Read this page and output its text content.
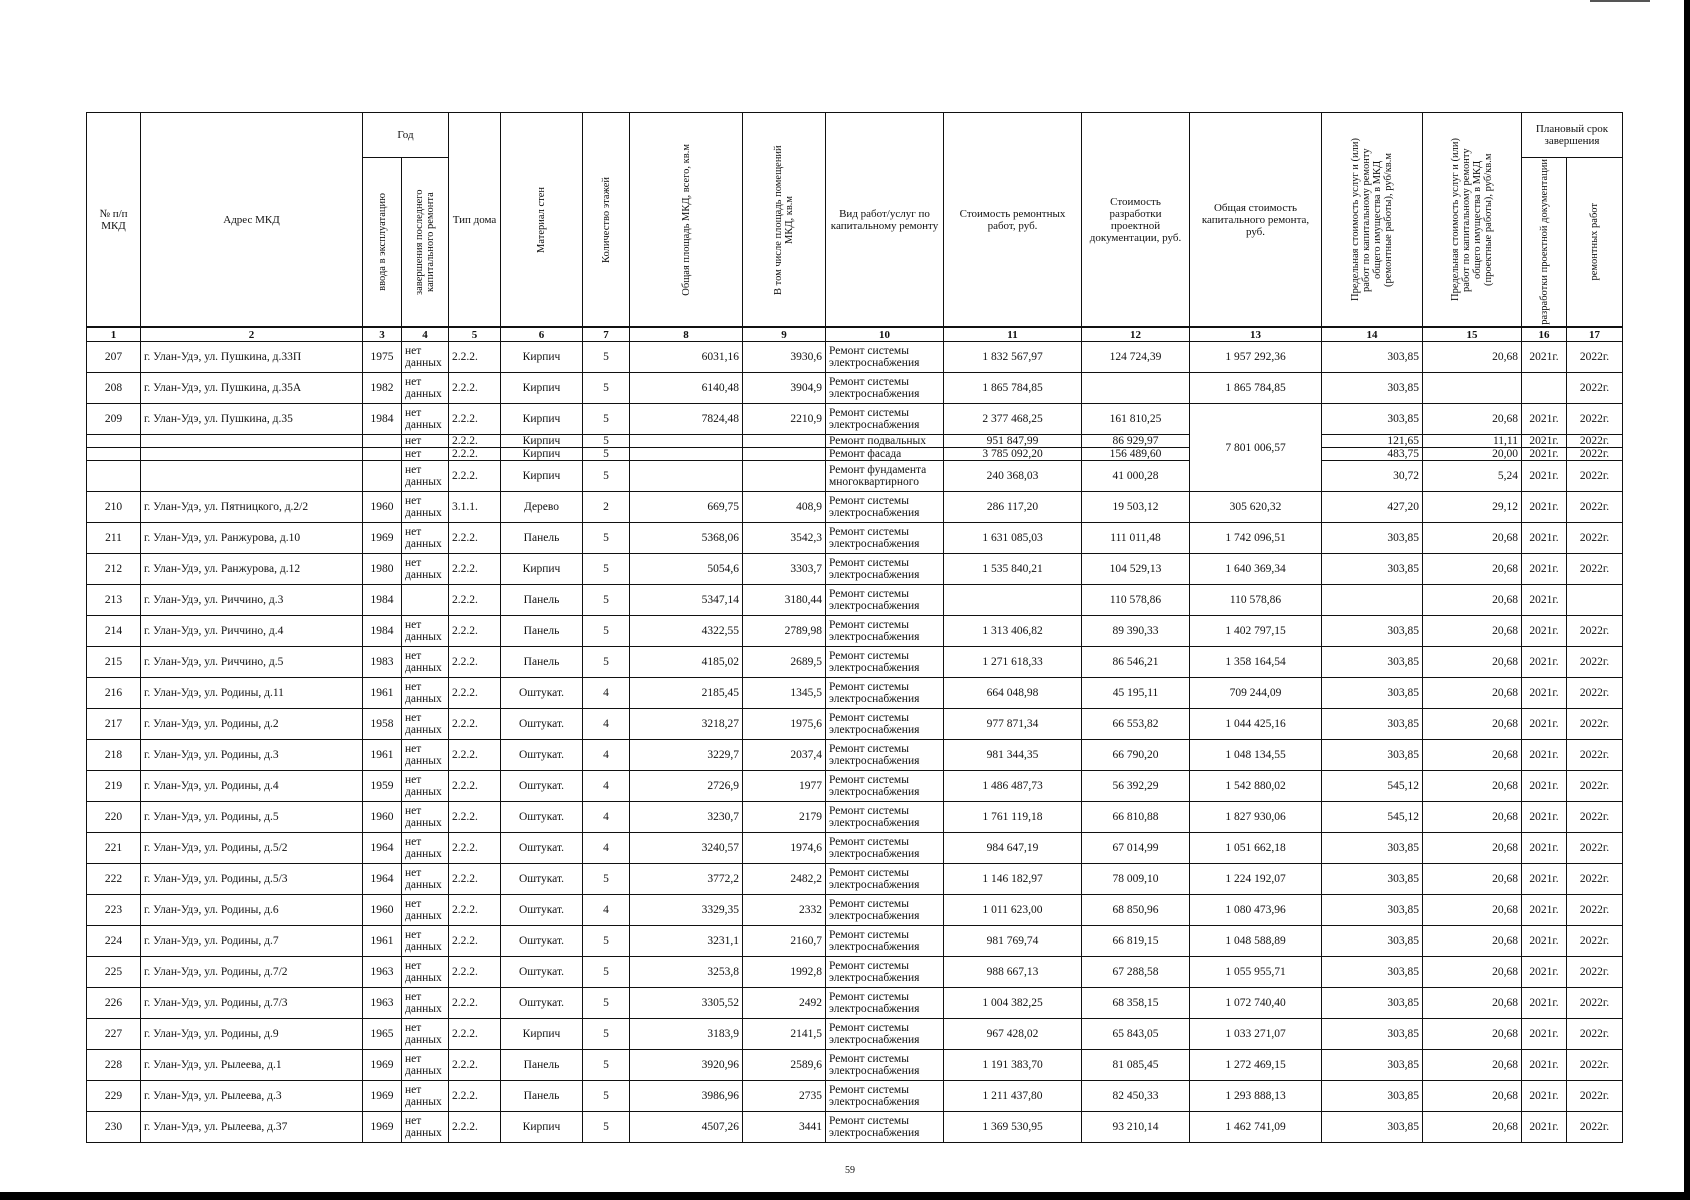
№ п/п МКД	Адрес МКД	Год		Тип дома	Материал стен	Количество этажей	Общая площадь МКД, всего, кв.м	В том числе площадь помещений МКД, кв.м	Вид работ/услуг по капитальному ремонту	Стоимость ремонтных работ, руб.	Стоимость разработки проектной документации, руб.	Общая стоимость капитального ремонта, руб.	Предельная стоимость услуг и (или) работ по капитальному ремонту общего имущества в МКД (ремонтные работы), руб/кв.м	Предельная стоимость услуг и (или) работ по капитальному ремонту общего имущества в МКД (проектные работы), руб/кв.м	Плановый срок завершения	

		ввода в эксплуатацию	завершения последнего капитального ремонта												разработки проектной документации	ремонтных работ

1	2	3	4	5	6	7	8	9	10	11	12	13	14	15	16	17
207	г. Улан-Удэ, ул. Пушкина, д.33П	1975	нет данных	2.2.2.	Кирпич	5	6031,16	3930,6	Ремонт системы электроснабжения	1 832 567,97	124 724,39	1 957 292,36	303,85	20,68	2021г.	2022г.
208	г. Улан-Удэ, ул. Пушкина, д.35А	1982	нет данных	2.2.2.	Кирпич	5	6140,48	3904,9	Ремонт системы электроснабжения	1 865 784,85		1 865 784,85	303,85			2022г.
209	г. Улан-Удэ, ул. Пушкина, д.35	1984	нет данных	2.2.2.	Кирпич	5	7824,48	2210,9	Ремонт системы электроснабжения	2 377 468,25	161 810,25	7 801 006,57	303,85	20,68	2021г.	2022г.
			нет	2.2.2.	Кирпич	5			Ремонт подвальных	951 847,99	86 929,97		121,65	11,11	2021г.	2022г.
			нет	2.2.2.	Кирпич	5			Ремонт фасада	3 785 092,20	156 489,60		483,75	20,00	2021г.	2022г.
			нет данных	2.2.2.	Кирпич	5			Ремонт фундамента многоквартирного	240 368,03	41 000,28		30,72	5,24	2021г.	2022г.
210	г. Улан-Удэ, ул. Пятницкого, д.2/2	1960	нет данных	3.1.1.	Дерево	2	669,75	408,9	Ремонт системы электроснабжения	286 117,20	19 503,12	305 620,32	427,20	29,12	2021г.	2022г.
211	г. Улан-Удэ, ул. Ранжурова, д.10	1969	нет данных	2.2.2.	Панель	5	5368,06	3542,3	Ремонт системы электроснабжения	1 631 085,03	111 011,48	1 742 096,51	303,85	20,68	2021г.	2022г.
212	г. Улан-Удэ, ул. Ранжурова, д.12	1980	нет данных	2.2.2.	Кирпич	5	5054,6	3303,7	Ремонт системы электроснабжения	1 535 840,21	104 529,13	1 640 369,34	303,85	20,68	2021г.	2022г.
213	г. Улан-Удэ, ул. Риччино, д.3	1984		2.2.2.	Панель	5	5347,14	3180,44	Ремонт системы электроснабжения		110 578,86	110 578,86		20,68	2021г.	
214	г. Улан-Удэ, ул. Риччино, д.4	1984	нет данных	2.2.2.	Панель	5	4322,55	2789,98	Ремонт системы электроснабжения	1 313 406,82	89 390,33	1 402 797,15	303,85	20,68	2021г.	2022г.
215	г. Улан-Удэ, ул. Риччино, д.5	1983	нет данных	2.2.2.	Панель	5	4185,02	2689,5	Ремонт системы электроснабжения	1 271 618,33	86 546,21	1 358 164,54	303,85	20,68	2021г.	2022г.
216	г. Улан-Удэ, ул. Родины, д.11	1961	нет данных	2.2.2.	Оштукат.	4	2185,45	1345,5	Ремонт системы электроснабжения	664 048,98	45 195,11	709 244,09	303,85	20,68	2021г.	2022г.
217	г. Улан-Удэ, ул. Родины, д.2	1958	нет данных	2.2.2.	Оштукат.	4	3218,27	1975,6	Ремонт системы электроснабжения	977 871,34	66 553,82	1 044 425,16	303,85	20,68	2021г.	2022г.
218	г. Улан-Удэ, ул. Родины, д.3	1961	нет данных	2.2.2.	Оштукат.	4	3229,7	2037,4	Ремонт системы электроснабжения	981 344,35	66 790,20	1 048 134,55	303,85	20,68	2021г.	2022г.
219	г. Улан-Удэ, ул. Родины, д.4	1959	нет данных	2.2.2.	Оштукат.	4	2726,9	1977	Ремонт системы электроснабжения	1 486 487,73	56 392,29	1 542 880,02	545,12	20,68	2021г.	2022г.
220	г. Улан-Удэ, ул. Родины, д.5	1960	нет данных	2.2.2.	Оштукат.	4	3230,7	2179	Ремонт системы электроснабжения	1 761 119,18	66 810,88	1 827 930,06	545,12	20,68	2021г.	2022г.
221	г. Улан-Удэ, ул. Родины, д.5/2	1964	нет данных	2.2.2.	Оштукат.	4	3240,57	1974,6	Ремонт системы электроснабжения	984 647,19	67 014,99	1 051 662,18	303,85	20,68	2021г.	2022г.
222	г. Улан-Удэ, ул. Родины, д.5/3	1964	нет данных	2.2.2.	Оштукат.	5	3772,2	2482,2	Ремонт системы электроснабжения	1 146 182,97	78 009,10	1 224 192,07	303,85	20,68	2021г.	2022г.
223	г. Улан-Удэ, ул. Родины, д.6	1960	нет данных	2.2.2.	Оштукат.	4	3329,35	2332	Ремонт системы электроснабжения	1 011 623,00	68 850,96	1 080 473,96	303,85	20,68	2021г.	2022г.
224	г. Улан-Удэ, ул. Родины, д.7	1961	нет данных	2.2.2.	Оштукат.	5	3231,1	2160,7	Ремонт системы электроснабжения	981 769,74	66 819,15	1 048 588,89	303,85	20,68	2021г.	2022г.
225	г. Улан-Удэ, ул. Родины, д.7/2	1963	нет данных	2.2.2.	Оштукат.	5	3253,8	1992,8	Ремонт системы электроснабжения	988 667,13	67 288,58	1 055 955,71	303,85	20,68	2021г.	2022г.
226	г. Улан-Удэ, ул. Родины, д.7/3	1963	нет данных	2.2.2.	Оштукат.	5	3305,52	2492	Ремонт системы электроснабжения	1 004 382,25	68 358,15	1 072 740,40	303,85	20,68	2021г.	2022г.
227	г. Улан-Удэ, ул. Родины, д.9	1965	нет данных	2.2.2.	Кирпич	5	3183,9	2141,5	Ремонт системы электроснабжения	967 428,02	65 843,05	1 033 271,07	303,85	20,68	2021г.	2022г.
228	г. Улан-Удэ, ул. Рылеева, д.1	1969	нет данных	2.2.2.	Панель	5	3920,96	2589,6	Ремонт системы электроснабжения	1 191 383,70	81 085,45	1 272 469,15	303,85	20,68	2021г.	2022г.
229	г. Улан-Удэ, ул. Рылеева, д.3	1969	нет данных	2.2.2.	Панель	5	3986,96	2735	Ремонт системы электроснабжения	1 211 437,80	82 450,33	1 293 888,13	303,85	20,68	2021г.	2022г.
230	г. Улан-Удэ, ул. Рылеева, д.37	1969	нет данных	2.2.2.	Кирпич	5	4507,26	3441	Ремонт системы электроснабжения	1 369 530,95	93 210,14	1 462 741,09	303,85	20,68	2021г.	2022г.
59
